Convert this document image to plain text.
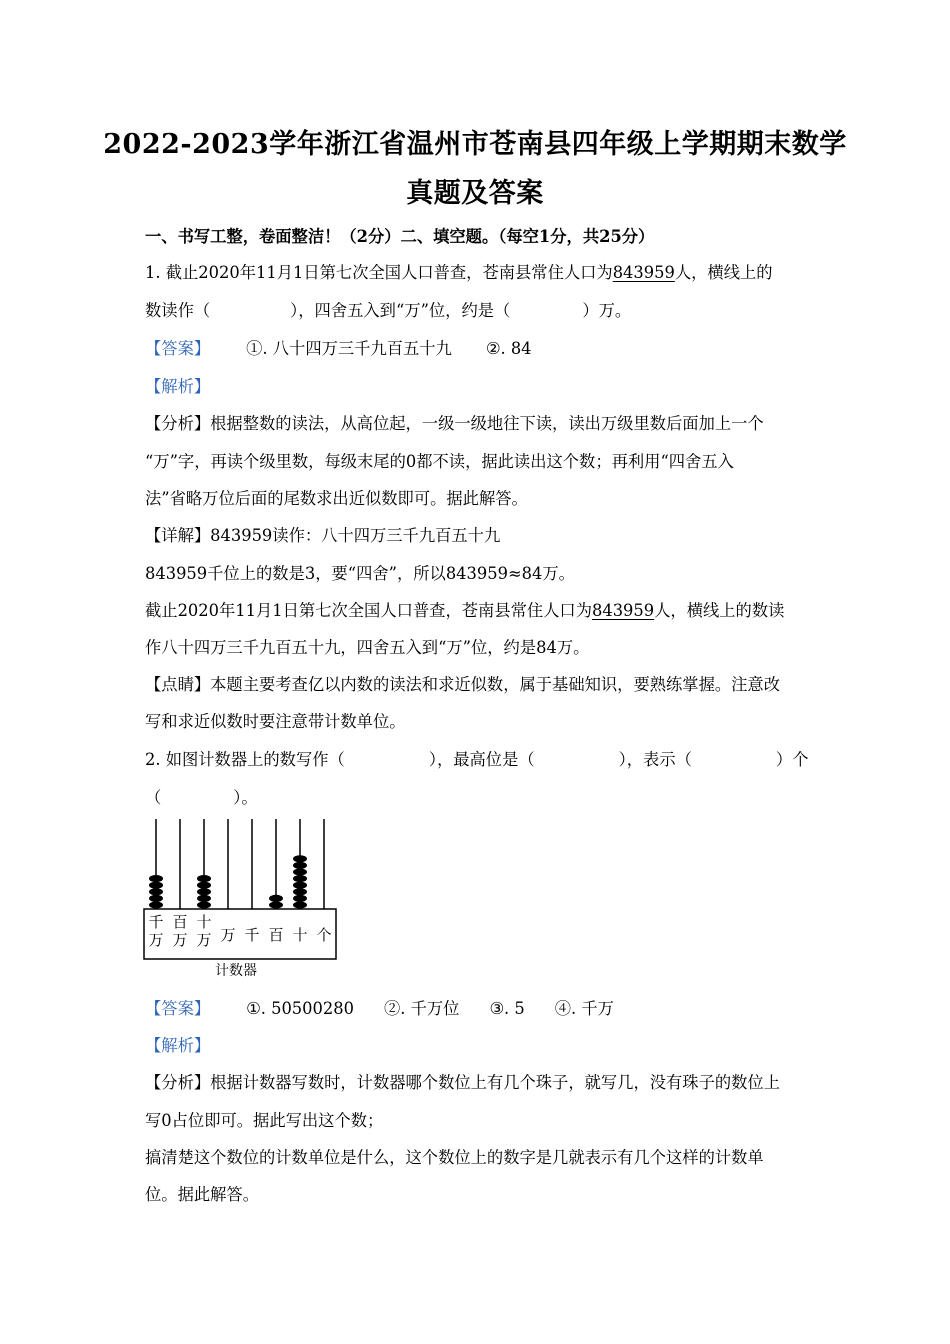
2022-2023学年浙江省温州市苍南县四年级上学期期末数学
真题及答案
一、书写工整，卷面整洁！（2分）二、填空题。（每空1分，共25分）
1. 截止2020年11月1日第七次全国人口普查，苍南县常住人口为843959人，横线上的
数读作（	），四舍五入到“万”位，约是（	）万。
【答案】 ①. 八十四万三千九百五十九 ②. 84
【解析】
【分析】根据整数的读法，从高位起，一级一级地往下读，读出万级里数后面加上一个
“万”字，再读个级里数，每级末尾的0都不读，据此读出这个数；再利用“四舍五入
法”省略万位后面的尾数求出近似数即可。据此解答。
【详解】843959读作：八十四万三千九百五十九
843959千位上的数是3，要“四舍”，所以843959≈84万。
截止2020年11月1日第七次全国人口普查，苍南县常住人口为843959人，横线上的数读
作八十四万三千九百五十九，四舍五入到“万”位，约是84万。
【点睛】本题主要考查亿以内数的读法和求近似数，属于基础知识，要熟练掌握。注意改
写和求近似数时要注意带计数单位。
2. 如图计数器上的数写作（	），最高位是（	），表示（	）个
（	）。
千
万
百
万
十
万 万 千 百 十 个
计数器
【答案】 ①. 50500280 ②. 千万位 ③. 5 ④. 千万
【解析】
【分析】根据计数器写数时，计数器哪个数位上有几个珠子，就写几，没有珠子的数位上
写0占位即可。据此写出这个数；
搞清楚这个数位的计数单位是什么，这个数位上的数字是几就表示有几个这样的计数单
位。据此解答。
